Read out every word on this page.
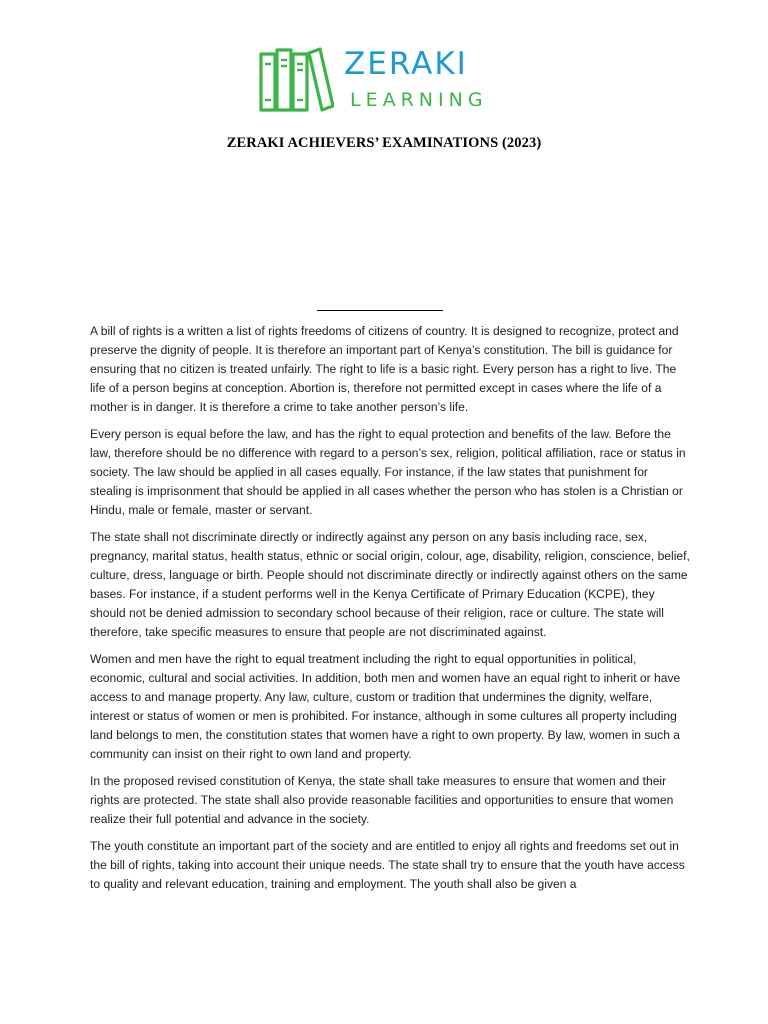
ZERAKI
LEARNING
ZERAKI ACHIEVERS’ EXAMINATIONS (2023)

A bill of rights is a written a list of rights freedoms of citizens of country. It is designed to recognize, protect and preserve the dignity of people. It is therefore an important part of Kenya’s constitution. The bill is guidance for ensuring that no citizen is treated unfairly. The right to life is a basic right. Every person has a right to live. The life of a person begins at conception. Abortion is, therefore not permitted except in cases where the life of a mother is in danger. It is therefore a crime to take another person’s life.

Every person is equal before the law, and has the right to equal protection and benefits of the law. Before the law, therefore should be no difference with regard to a person’s sex, religion, political affiliation, race or status in society. The law should be applied in all cases equally. For instance, if the law states that punishment for stealing is imprisonment that should be applied in all cases whether the person who has stolen is a Christian or Hindu, male or female, master or servant.

The state shall not discriminate directly or indirectly against any person on any basis including race, sex, pregnancy, marital status, health status, ethnic or social origin, colour, age, disability, religion, conscience, belief, culture, dress, language or birth. People should not discriminate directly or indirectly against others on the same bases. For instance, if a student performs well in the Kenya Certificate of Primary Education (KCPE), they should not be denied admission to secondary school because of their religion, race or culture. The state will therefore, take specific measures to ensure that people are not discriminated against.

Women and men have the right to equal treatment including the right to equal opportunities in political, economic, cultural and social activities. In addition, both men and women have an equal right to inherit or have access to and manage property. Any law, culture, custom or tradition that undermines the dignity, welfare, interest or status of women or men is prohibited. For instance, although in some cultures all property including land belongs to men, the constitution states that women have a right to own property. By law, women in such a community can insist on their right to own land and property.

In the proposed revised constitution of Kenya, the state shall take measures to ensure that women and their rights are protected. The state shall also provide reasonable facilities and opportunities to ensure that women realize their full potential and advance in the society.

The youth constitute an important part of the society and are entitled to enjoy all rights and freedoms set out in the bill of rights, taking into account their unique needs. The state shall try to ensure that the youth have access to quality and relevant education, training and employment. The youth shall also be given a
